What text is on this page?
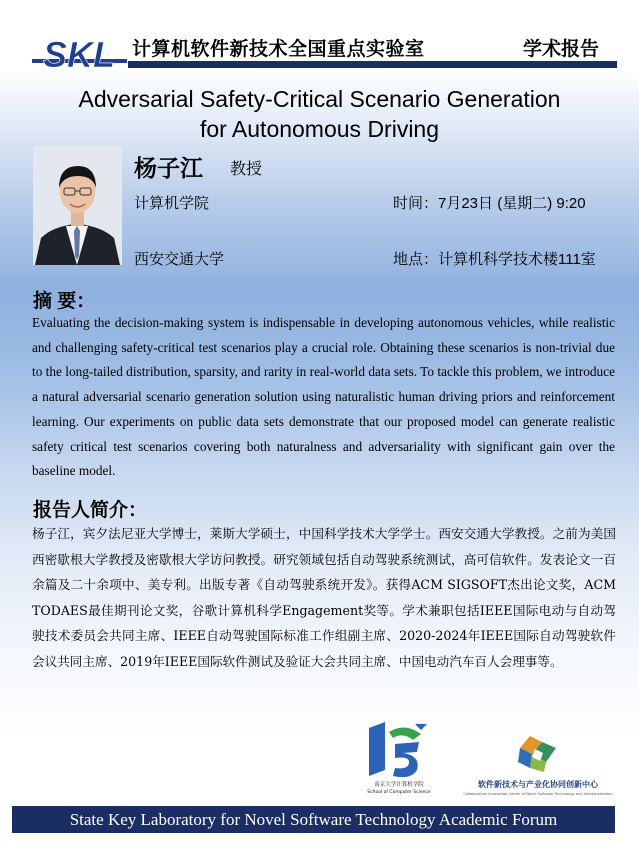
SKL 计算机软件新技术全国重点实验室	学术报告
Adversarial Safety-Critical Scenario Generation
for Autonomous Driving
杨子江 教授
计算机学院
西安交通大学
时间：7月23日 (星期二) 9:20
地点：计算机科学技术楼111室
摘 要：
Evaluating the decision-making system is indispensable in developing autonomous vehicles, while realistic and challenging safety-critical test scenarios play a crucial role. Obtaining these scenarios is non-trivial due to the long-tailed distribution, sparsity, and rarity in real-world data sets. To tackle this problem, we introduce a natural adversarial scenario generation solution using naturalistic human driving priors and reinforcement learning. Our experiments on public data sets demonstrate that our proposed model can generate realistic safety critical test scenarios covering both naturalness and adversariality with significant gain over the baseline model.
报告人简介：
杨子江，宾夕法尼亚大学博士，莱斯大学硕士，中国科学技术大学学士。西安交通大学教授。之前为美国西密歇根大学教授及密歇根大学访问教授。研究领域包括自动驾驶系统测试，高可信软件。发表论文一百余篇及二十余项中、美专利。出版专著《自动驾驶系统开发》。获得ACM SIGSOFT杰出论文奖，ACM TODAES最佳期刊论文奖，谷歌计算机科学Engagement奖等。学术兼职包括IEEE国际电动与自动驾驶技术委员会共同主席、IEEE自动驾驶国际标准工作组副主席、2020-2024年IEEE国际自动驾驶软件会议共同主席、2019年IEEE国际软件测试及验证大会共同主席、中国电动汽车百人会理事等。
南京大学计算机学院
School of Computer Science
软件新技术与产业化协同创新中心
Collaborative Innovation Center of Novel Software Technology and Industrialization
State Key Laboratory for Novel Software Technology Academic Forum
